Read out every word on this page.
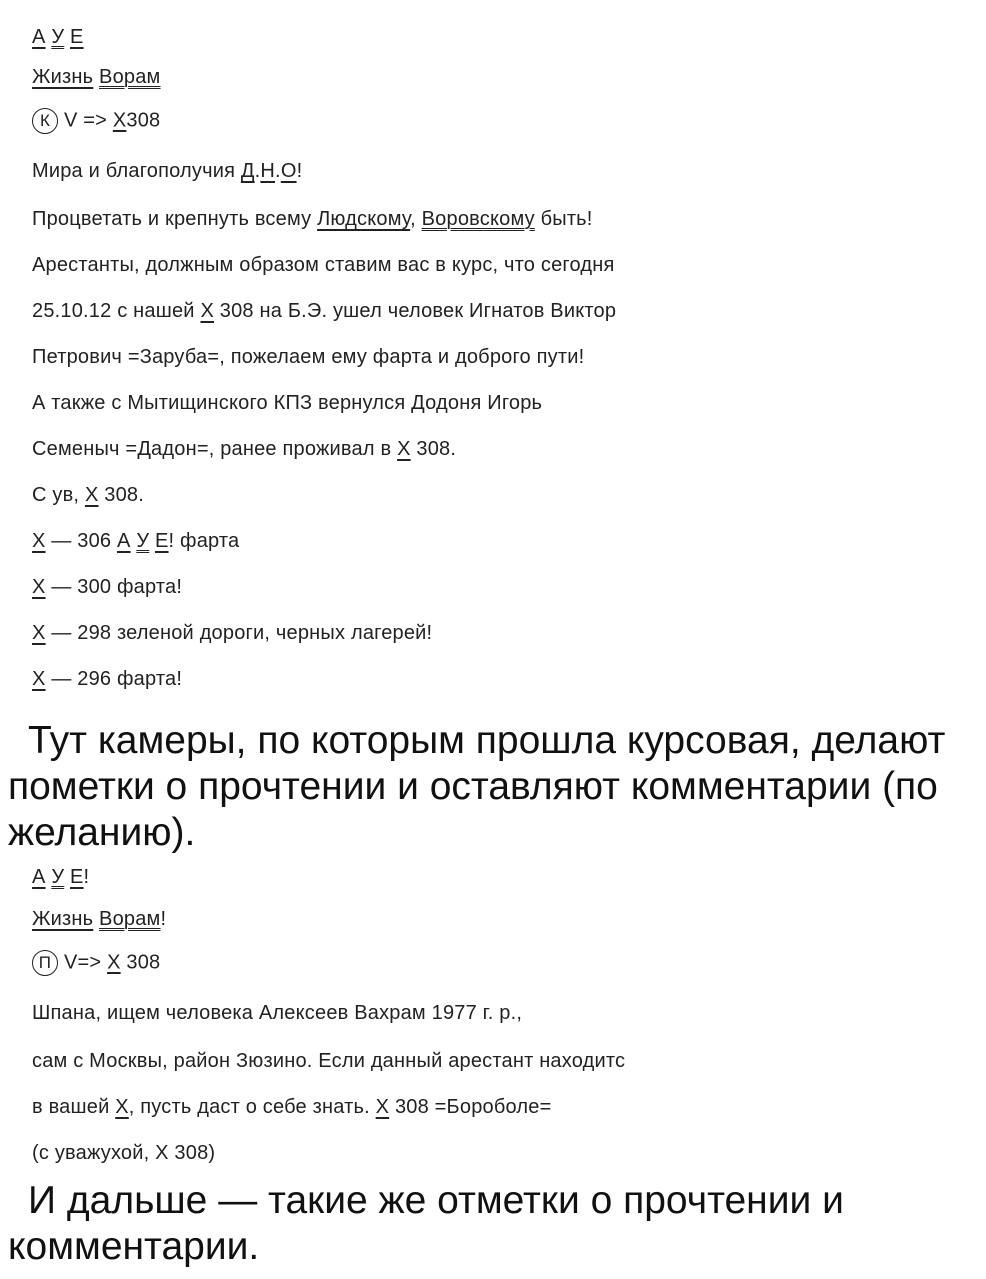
А У Е
Жизнь Ворам
К V => Х308
Мира и благополучия Д.Н.О!
Процветать и крепнуть всему Людскому, Воровскому быть!
Арестанты, должным образом ставим вас в курс, что сегодня
25.10.12 с нашей Х 308 на Б.Э. ушел человек Игнатов Виктор
Петрович =Заруба=, пожелаем ему фарта и доброго пути!
А также с Мытищинского КПЗ вернулся Додоня Игорь
Семеныч =Дадон=, ранее проживал в Х 308.
С ув, Х 308.
Х — 306 А У Е! фарта
Х — 300 фарта!
Х — 298 зеленой дороги, черных лагерей!
Х — 296 фарта!
Тут камеры, по которым прошла курсовая, делают пометки о прочтении и оставляют комментарии (по желанию).
А У Е!
Жизнь Ворам!
П V=> Х 308
Шпана, ищем человека Алексеев Вахрам 1977 г. р.,
сам с Москвы, район Зюзино. Если данный арестант находитс
в вашей Х, пусть даст о себе знать. Х 308 =Бороболе=
(с уважухой, Х 308)
И дальше — такие же отметки о прочтении и комментарии.
